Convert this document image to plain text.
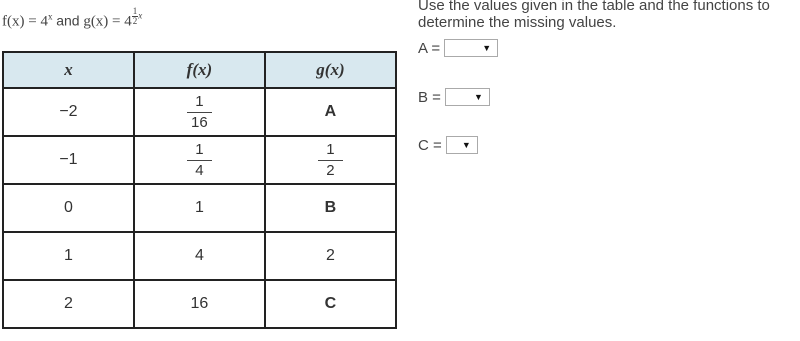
$f(x) = 4^x$ and $g(x) = 4 \frac{1}{2}$ x
x	f(x)	g(x)
−2	$\frac{1}{16}$	A
−1	$\frac{1}{4}$	$\frac{1}{2}$

0	1	B
1	4	2
2	16	C
Use the values given in the table and the functions to determine the missing values.
A =	▼
B =	▼
C = ▼
